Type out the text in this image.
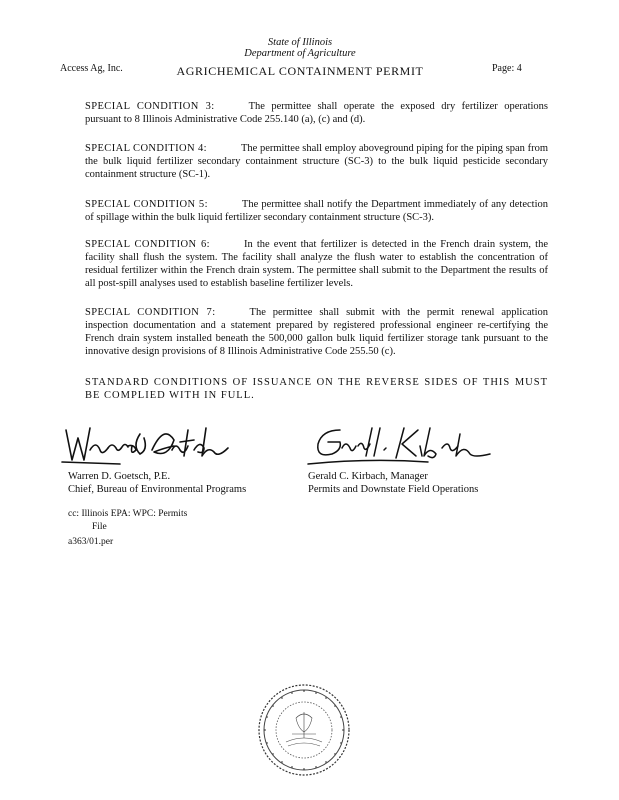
State of Illinois
Department of Agriculture
Access Ag, Inc.	AGRICHEMICAL CONTAINMENT PERMIT	Page: 4
SPECIAL CONDITION 3:	The permittee shall operate the exposed dry fertilizer operations pursuant to 8 Illinois Administrative Code 255.140 (a), (c) and (d).
SPECIAL CONDITION 4:	The permittee shall employ aboveground piping for the piping span from the bulk liquid fertilizer secondary containment structure (SC-3) to the bulk liquid pesticide secondary containment structure (SC-1).
SPECIAL CONDITION 5:	The permittee shall notify the Department immediately of any detection of spillage within the bulk liquid fertilizer secondary containment structure (SC-3).
SPECIAL CONDITION 6:	In the event that fertilizer is detected in the French drain system, the facility shall flush the system. The facility shall analyze the flush water to establish the concentration of residual fertilizer within the French drain system. The permittee shall submit to the Department the results of all post-spill analyses used to establish baseline fertilizer levels.
SPECIAL CONDITION 7:	The permittee shall submit with the permit renewal application inspection documentation and a statement prepared by registered professional engineer re-certifying the French drain system installed beneath the 500,000 gallon bulk liquid fertilizer storage tank pursuant to the innovative design provisions of 8 Illinois Administrative Code 255.50 (c).
STANDARD CONDITIONS OF ISSUANCE ON THE REVERSE SIDES OF THIS MUST BE COMPLIED WITH IN FULL.
Warren D. Goetsch, P.E.
Chief, Bureau of Environmental Programs
Gerald C. Kirbach, Manager
Permits and Downstate Field Operations
cc: Illinois EPA: WPC: Permits
File
a363/01.per
